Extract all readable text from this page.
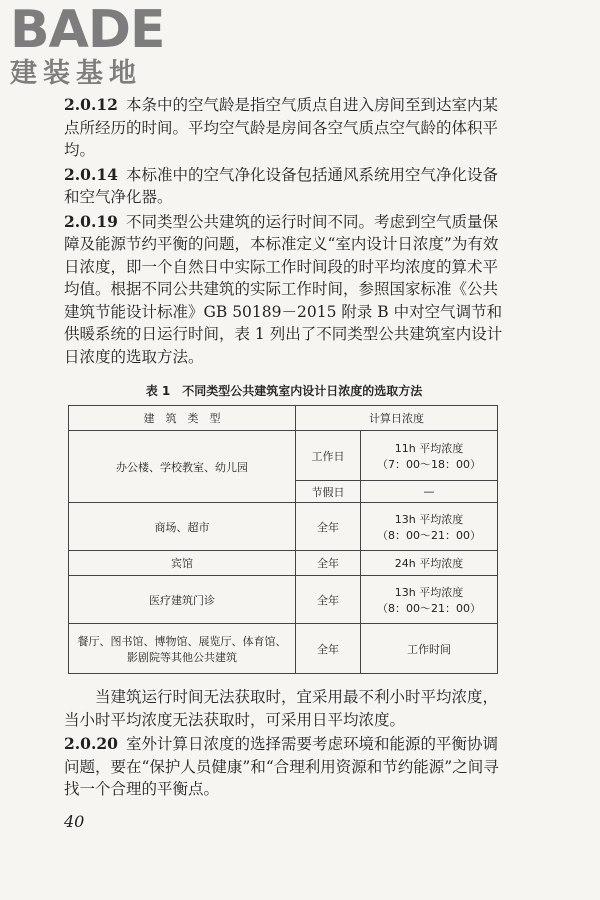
BADE
建装基地

2.0.12 本条中的空气龄是指空气质点自进入房间至到达室内某点所经历的时间。平均空气龄是房间各空气质点空气龄的体积平均。

2.0.14 本标准中的空气净化设备包括通风系统用空气净化设备和空气净化器。

2.0.19 不同类型公共建筑的运行时间不同。考虑到空气质量保障及能源节约平衡的问题，本标准定义“室内设计日浓度”为有效日浓度，即一个自然日中实际工作时间段的时平均浓度的算术平均值。根据不同公共建筑的实际工作时间，参照国家标准《公共建筑节能设计标准》GB 50189－2015 附录 B 中对空气调节和供暖系统的日运行时间，表 1 列出了不同类型公共建筑室内设计日浓度的选取方法。

表 1　不同类型公共建筑室内设计日浓度的选取方法
建　筑　类　型	计算日浓度	
办公楼、学校教室、幼儿园	工作日	11h 平均浓度
（7：00～18：00）

	节假日	—
商场、超市	全年	13h 平均浓度
（8：00～21：00）

宾馆	全年	24h 平均浓度
医疗建筑门诊	全年	13h 平均浓度
（8：00～21：00）

餐厅、图书馆、博物馆、展览厅、体育馆、
影剧院等其他公共建筑	全年	工作时间

当建筑运行时间无法获取时，宜采用最不利小时平均浓度，当小时平均浓度无法获取时，可采用日平均浓度。

2.0.20 室外计算日浓度的选择需要考虑环境和能源的平衡协调问题，要在“保护人员健康”和“合理利用资源和节约能源”之间寻找一个合理的平衡点。

40
